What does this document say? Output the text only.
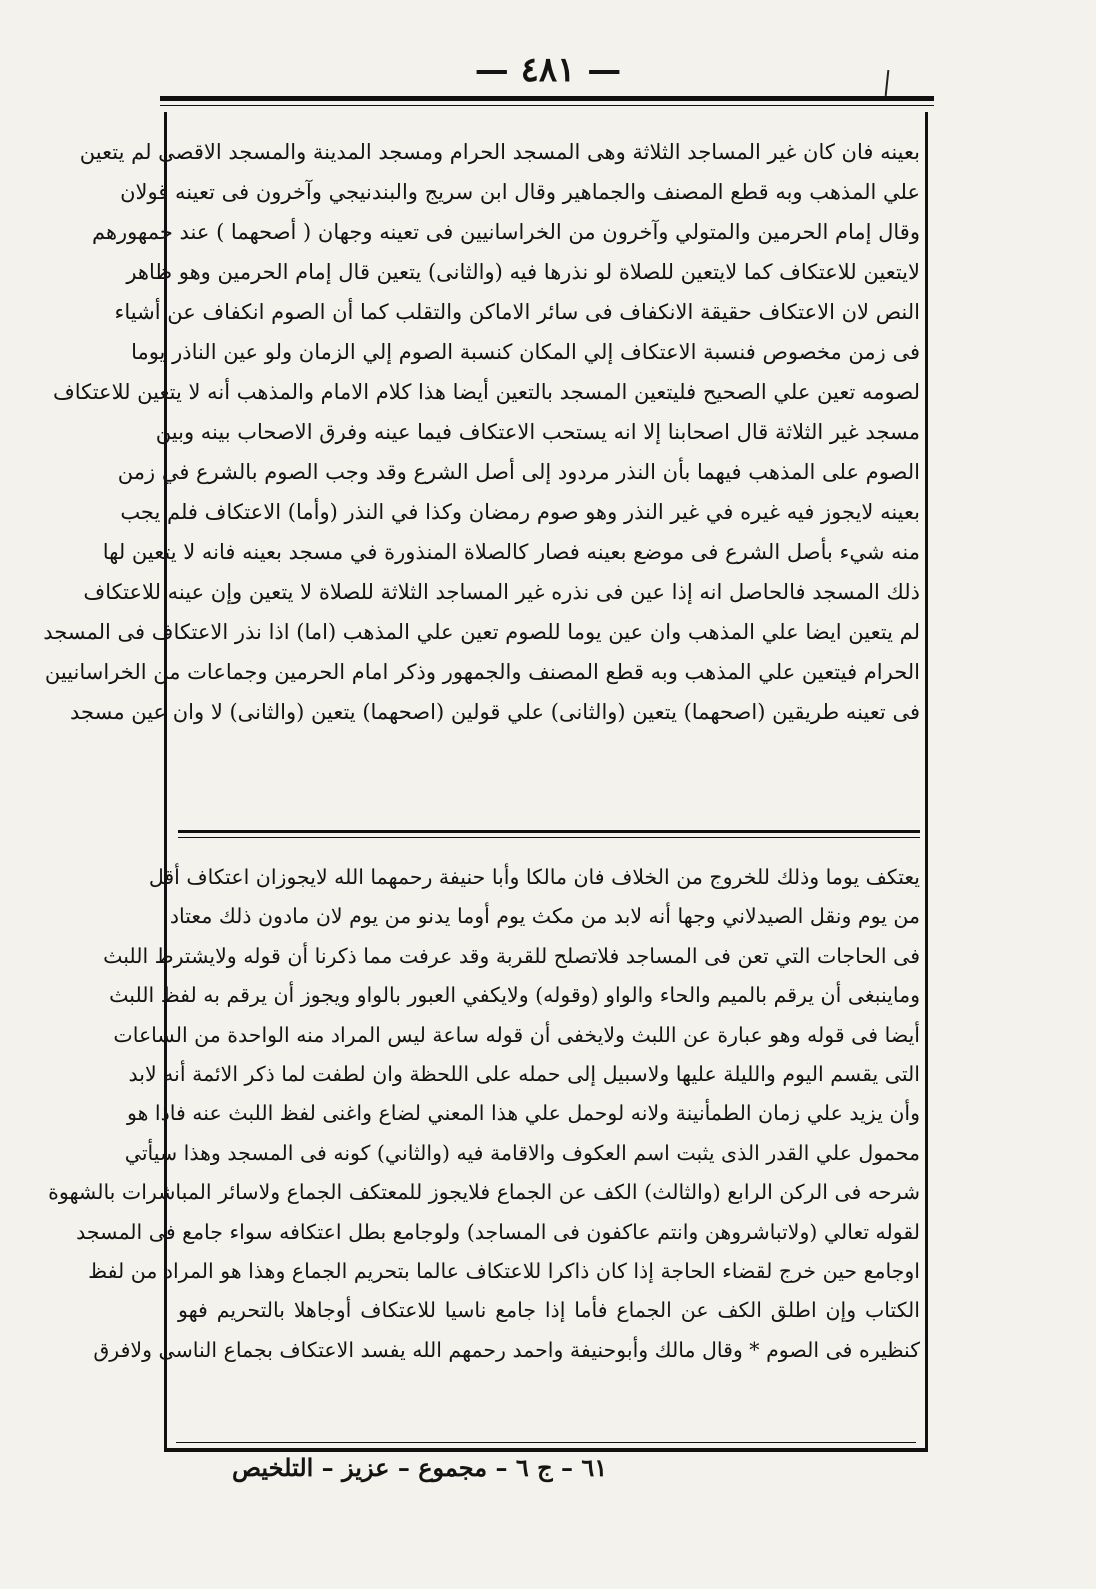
— ٤٨١ —
بعينه فان كان غير المساجد الثلاثة وهى المسجد الحرام ومسجد المدينة والمسجد الاقصى لم يتعين
علي المذهب وبه قطع المصنف والجماهير وقال ابن سريج والبندنيجي وآخرون فى تعينه قولان
وقال إمام الحرمين والمتولي وآخرون من الخراسانيين فى تعينه وجهان ( أصحهما ) عند جمهورهم
لايتعين للاعتكاف كما لايتعين للصلاة لو نذرها فيه (والثانى) يتعين قال إمام الحرمين وهو ظاهر
النص لان الاعتكاف حقيقة الانكفاف فى سائر الاماكن والتقلب كما أن الصوم انكفاف عن أشياء
فى زمن مخصوص فنسبة الاعتكاف إلي المكان كنسبة الصوم إلي الزمان ولو عين الناذر يوما
لصومه تعين علي الصحيح فليتعين المسجد بالتعين أيضا هذا كلام الامام والمذهب أنه لا يتعين للاعتكاف
مسجد غير الثلاثة قال اصحابنا إلا انه يستحب الاعتكاف فيما عينه وفرق الاصحاب بينه وبين
الصوم على المذهب فيهما بأن النذر مردود إلى أصل الشرع وقد وجب الصوم بالشرع في زمن
بعينه لايجوز فيه غيره في غير النذر وهو صوم رمضان وكذا في النذر (وأما) الاعتكاف فلم يجب
منه شيء بأصل الشرع فى موضع بعينه فصار كالصلاة المنذورة في مسجد بعينه فانه لا يتعين لها
ذلك المسجد فالحاصل انه إذا عين فى نذره غير المساجد الثلاثة للصلاة لا يتعين وإن عينه للاعتكاف
لم يتعين ايضا علي المذهب وان عين يوما للصوم تعين علي المذهب (اما) اذا نذر الاعتكاف فى المسجد
الحرام فيتعين علي المذهب وبه قطع المصنف والجمهور وذكر امام الحرمين وجماعات من الخراسانيين
فى تعينه طريقين (اصحهما) يتعين (والثانى) علي قولين (اصحهما) يتعين (والثانى) لا وان عين مسجد
يعتكف يوما وذلك للخروج من الخلاف فان مالكا وأبا حنيفة رحمهما الله لايجوزان اعتكاف أقل
من يوم ونقل الصيدلاني وجها أنه لابد من مكث يوم أوما يدنو من يوم لان مادون ذلك معتاد
فى الحاجات التي تعن فى المساجد فلاتصلح للقربة وقد عرفت مما ذكرنا أن قوله ولايشترط اللبث
وماينبغى أن يرقم بالميم والحاء والواو (وقوله) ولايكفي العبور بالواو ويجوز أن يرقم به لفظ اللبث
أيضا فى قوله وهو عبارة عن اللبث ولايخفى أن قوله ساعة ليس المراد منه الواحدة من الساعات
التى يقسم اليوم والليلة عليها ولاسبيل إلى حمله على اللحظة وان لطفت لما ذكر الائمة أنه لابد
وأن يزيد علي زمان الطمأنينة ولانه لوحمل علي هذا المعني لضاع واغنى لفظ اللبث عنه فاذا هو
محمول علي القدر الذى يثبت اسم العكوف والاقامة فيه (والثاني) كونه فى المسجد وهذا سيأتي
شرحه فى الركن الرابع (والثالث) الكف عن الجماع فلايجوز للمعتكف الجماع ولاسائر المباشرات بالشهوة
لقوله تعالي (ولاتباشروهن وانتم عاكفون فى المساجد) ولوجامع بطل اعتكافه سواء جامع فى المسجد
اوجامع حين خرج لقضاء الحاجة إذا كان ذاكرا للاعتكاف عالما بتحريم الجماع وهذا هو المراد من لفظ
الكتاب وإن اطلق الكف عن الجماع فأما إذا جامع ناسيا للاعتكاف أوجاهلا بالتحريم فهو
كنظيره فى الصوم * وقال مالك وأبوحنيفة واحمد رحمهم الله يفسد الاعتكاف بجماع الناسى ولافرق
٦١ – ج ٦ – مجموع – عزيز – التلخيص
